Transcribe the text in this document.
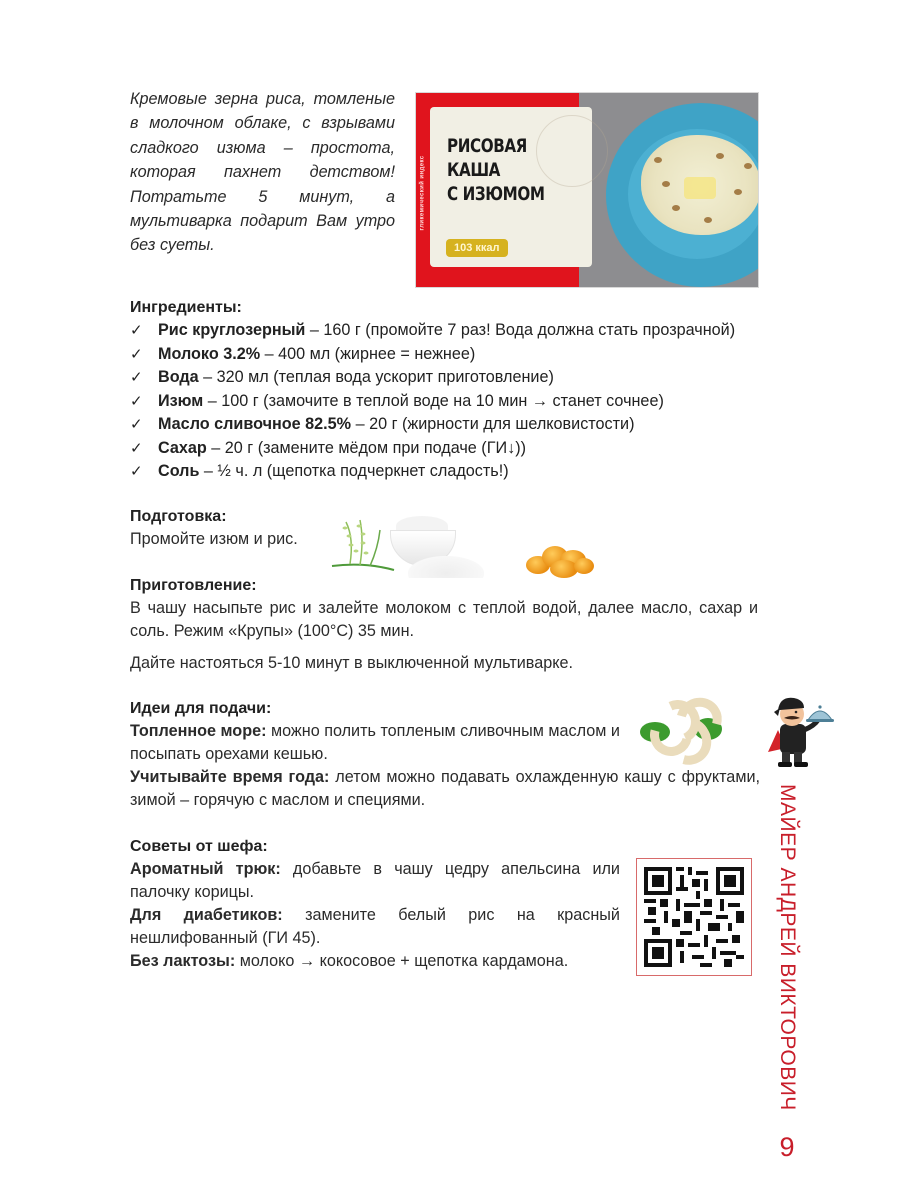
Кремовые зерна риса, томленые в молочном облаке, с взрывами сладкого изюма – простота, которая пахнет детством! Потратьте 5 минут, а мультиварка подарит Вам утро без суеты.
гликемический индекс
РИСОВАЯ
КАША
С ИЗЮМОМ
103 ккал
Ингредиенты:
✓ Рис круглозерный – 160 г (промойте 7 раз! Вода должна стать прозрачной)
✓ Молоко 3.2% – 400 мл (жирнее = нежнее)
✓ Вода – 320 мл (теплая вода ускорит приготовление)
✓ Изюм – 100 г (замочите в теплой воде на 10 мин → станет сочнее)
✓ Масло сливочное 82.5% – 20 г (жирности для шелковистости)
✓ Сахар – 20 г (замените мёдом при подаче (ГИ↓))
✓ Соль – ½ ч. л (щепотка подчеркнет сладость!)
Подготовка:
Промойте изюм и рис.
Приготовление:
В чашу насыпьте рис и залейте молоком с теплой водой, далее масло, сахар и соль. Режим «Крупы» (100°С) 35 мин.
Дайте настояться 5-10 минут в выключенной мультиварке.
Идеи для подачи:
Топленное море: можно полить топленым сливочным маслом и посыпать орехами кешью.
Учитывайте время года: летом можно подавать охлажденную кашу с фруктами, зимой – горячую с маслом и специями.
Советы от шефа:
Ароматный трюк: добавьте в чашу цедру апельсина или палочку корицы.
Для диабетиков: замените белый рис на красный нешлифованный (ГИ 45).
Без лактозы: молоко → кокосовое + щепотка кардамона.	МАЙЕР АНДРЕЙ ВИКТОРОВИЧ
9
